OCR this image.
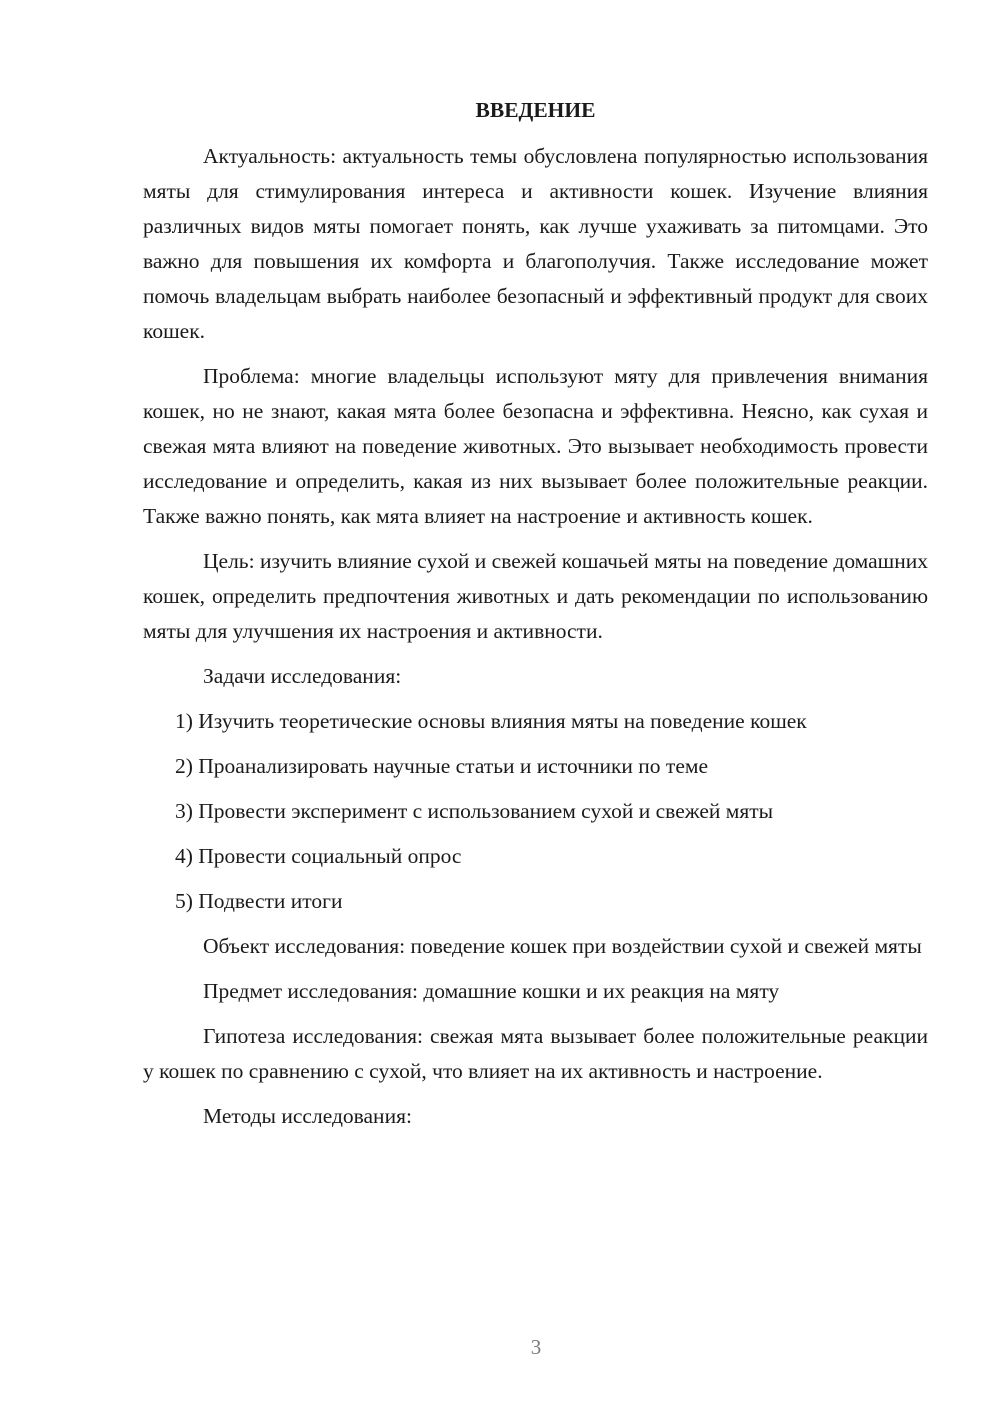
ВВЕДЕНИЕ

Актуальность: актуальность темы обусловлена популярностью использования мяты для стимулирования интереса и активности кошек. Изучение влияния различных видов мяты помогает понять, как лучше ухаживать за питомцами. Это важно для повышения их комфорта и благополучия. Также исследование может помочь владельцам выбрать наиболее безопасный и эффективный продукт для своих кошек.

Проблема: многие владельцы используют мяту для привлечения внимания кошек, но не знают, какая мята более безопасна и эффективна. Неясно, как сухая и свежая мята влияют на поведение животных. Это вызывает необходимость провести исследование и определить, какая из них вызывает более положительные реакции. Также важно понять, как мята влияет на настроение и активность кошек.

Цель: изучить влияние сухой и свежей кошачьей мяты на поведение домашних кошек, определить предпочтения животных и дать рекомендации по использованию мяты для улучшения их настроения и активности.

Задачи исследования:

1) Изучить теоретические основы влияния мяты на поведение кошек
2) Проанализировать научные статьи и источники по теме
3) Провести эксперимент с использованием сухой и свежей мяты
4) Провести социальный опрос
5) Подвести итоги

Объект исследования: поведение кошек при воздействии сухой и свежей мяты

Предмет исследования: домашние кошки и их реакция на мяту

Гипотеза исследования: свежая мята вызывает более положительные реакции у кошек по сравнению с сухой, что влияет на их активность и настроение.

Методы исследования:

3
